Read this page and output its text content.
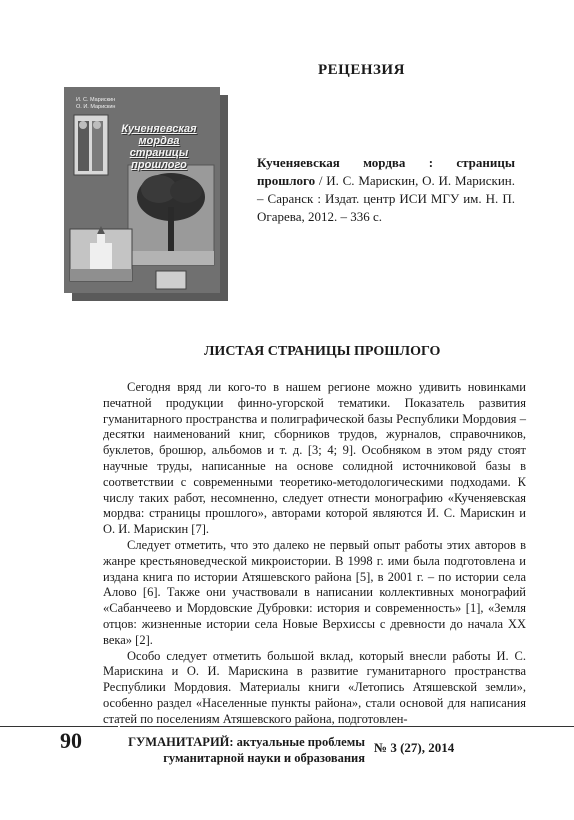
РЕЦЕНЗИЯ
И. С. Марискин
О. И. Марискин
Кученяевская
мордва
страницы
прошлого	Кученяевская мордва : страницы прошлого / И. С. Марискин, О. И. Марискин. – Саранск : Издат. центр ИСИ МГУ им. Н. П. Огарева, 2012. – 336 с.
ЛИСТАЯ СТРАНИЦЫ ПРОШЛОГО

Сегодня вряд ли кого-то в нашем регионе можно удивить новинками печатной продукции финно-угорской тематики. Показатель развития гуманитарного пространства и полиграфической базы Республики Мордовия – десятки наименований книг, сборников трудов, журналов, справочников, буклетов, брошюр, альбомов и т. д. [3; 4; 9]. Особняком в этом ряду стоят научные труды, написанные на основе солидной источниковой базы в соответствии с современными теоретико-методологическими подходами. К числу таких работ, несомненно, следует отнести монографию «Кученяевская мордва: страницы прошлого», авторами которой являются И. С. Марискин и О. И. Марискин [7].

Следует отметить, что это далеко не первый опыт работы этих авторов в жанре крестьяноведческой микроистории. В 1998 г. ими была подготовлена и издана книга по истории Атяшевского района [5], в 2001 г. – по истории села Алово [6]. Также они участвовали в написании коллективных монографий «Сабанчеево и Мордовские Дубровки: история и современность» [1], «Земля отцов: жизненные истории села Новые Верхиссы с древности до начала XX века» [2].

Особо следует отметить большой вклад, который внесли работы И. С. Марискина и О. И. Марискина в развитие гуманитарного пространства Республики Мордовия. Материалы книги «Летопись Атяшевской земли», особенно раздел «Населенные пункты района», стали основой для написания статей по поселениям Атяшевского района, подготовлен-

90	ГУМАНИТАРИЙ: актуальные проблемы
гуманитарной науки и образования
№ 3 (27), 2014
